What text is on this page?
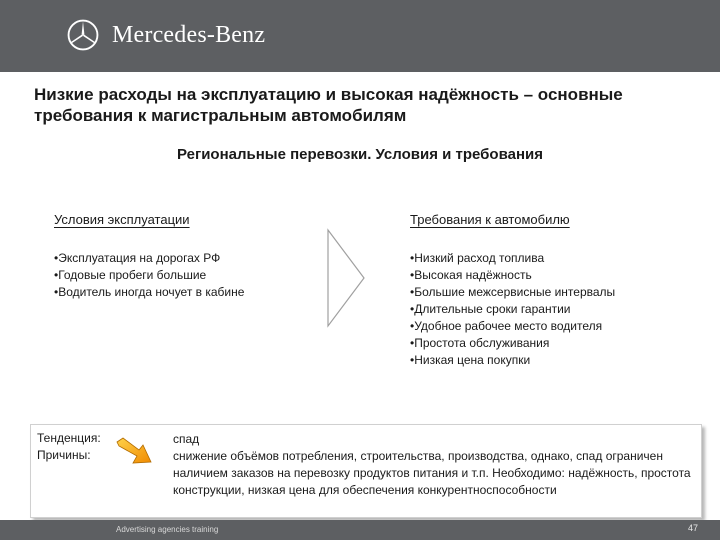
Mercedes-Benz
Низкие расходы на эксплуатацию и высокая надёжность – основные требования к магистральным автомобилям
Региональные перевозки. Условия и требования
Условия эксплуатации
• Эксплуатация на дорогах РФ
• Годовые пробеги большие
• Водитель иногда ночует в кабине
Требования к автомобилю
• Низкий расход топлива
• Высокая надёжность
• Большие межсервисные интервалы
• Длительные сроки гарантии
• Удобное рабочее место водителя
• Простота обслуживания
• Низкая цена покупки
Тенденция:
Причины:
спад
снижение объёмов потребления, строительства, производства, однако, спад ограничен наличием заказов на перевозку продуктов питания и т.п. Необходимо: надёжность, простота конструкции, низкая цена для обеспечения конкурентноспособности
Advertising agencies training	47
